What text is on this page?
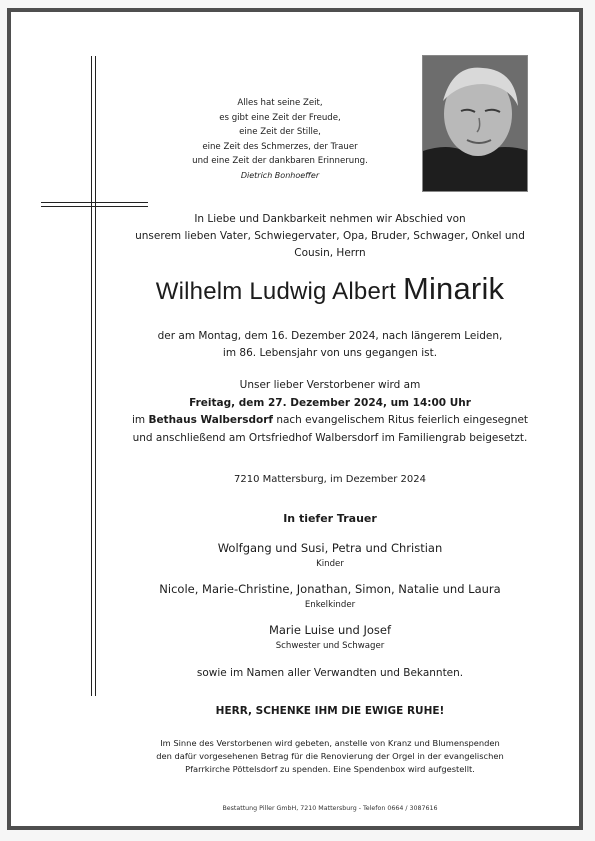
Alles hat seine Zeit,
es gibt eine Zeit der Freude,
eine Zeit der Stille,
eine Zeit des Schmerzes, der Trauer
und eine Zeit der dankbaren Erinnerung.
Dietrich Bonhoeffer
In Liebe und Dankbarkeit nehmen wir Abschied von
unserem lieben Vater, Schwiegervater, Opa, Bruder, Schwager, Onkel und
Cousin, Herrn
Wilhelm Ludwig Albert Minarik
der am Montag, dem 16. Dezember 2024, nach längerem Leiden,
im 86. Lebensjahr von uns gegangen ist.
Unser lieber Verstorbener wird am
Freitag, dem 27. Dezember 2024, um 14:00 Uhr
im Bethaus Walbersdorf nach evangelischem Ritus feierlich eingesegnet
und anschließend am Ortsfriedhof Walbersdorf im Familiengrab beigesetzt.
7210 Mattersburg, im Dezember 2024
In tiefer Trauer
Wolfgang und Susi, Petra und Christian
Kinder
Nicole, Marie-Christine, Jonathan, Simon, Natalie und Laura
Enkelkinder
Marie Luise und Josef
Schwester und Schwager
sowie im Namen aller Verwandten und Bekannten.
HERR, SCHENKE IHM DIE EWIGE RUHE!
Im Sinne des Verstorbenen wird gebeten, anstelle von Kranz und Blumenspenden
den dafür vorgesehenen Betrag für die Renovierung der Orgel in der evangelischen
Pfarrkirche Pöttelsdorf zu spenden. Eine Spendenbox wird aufgestellt.
Bestattung Piller GmbH, 7210 Mattersburg - Telefon 0664 / 3087616
